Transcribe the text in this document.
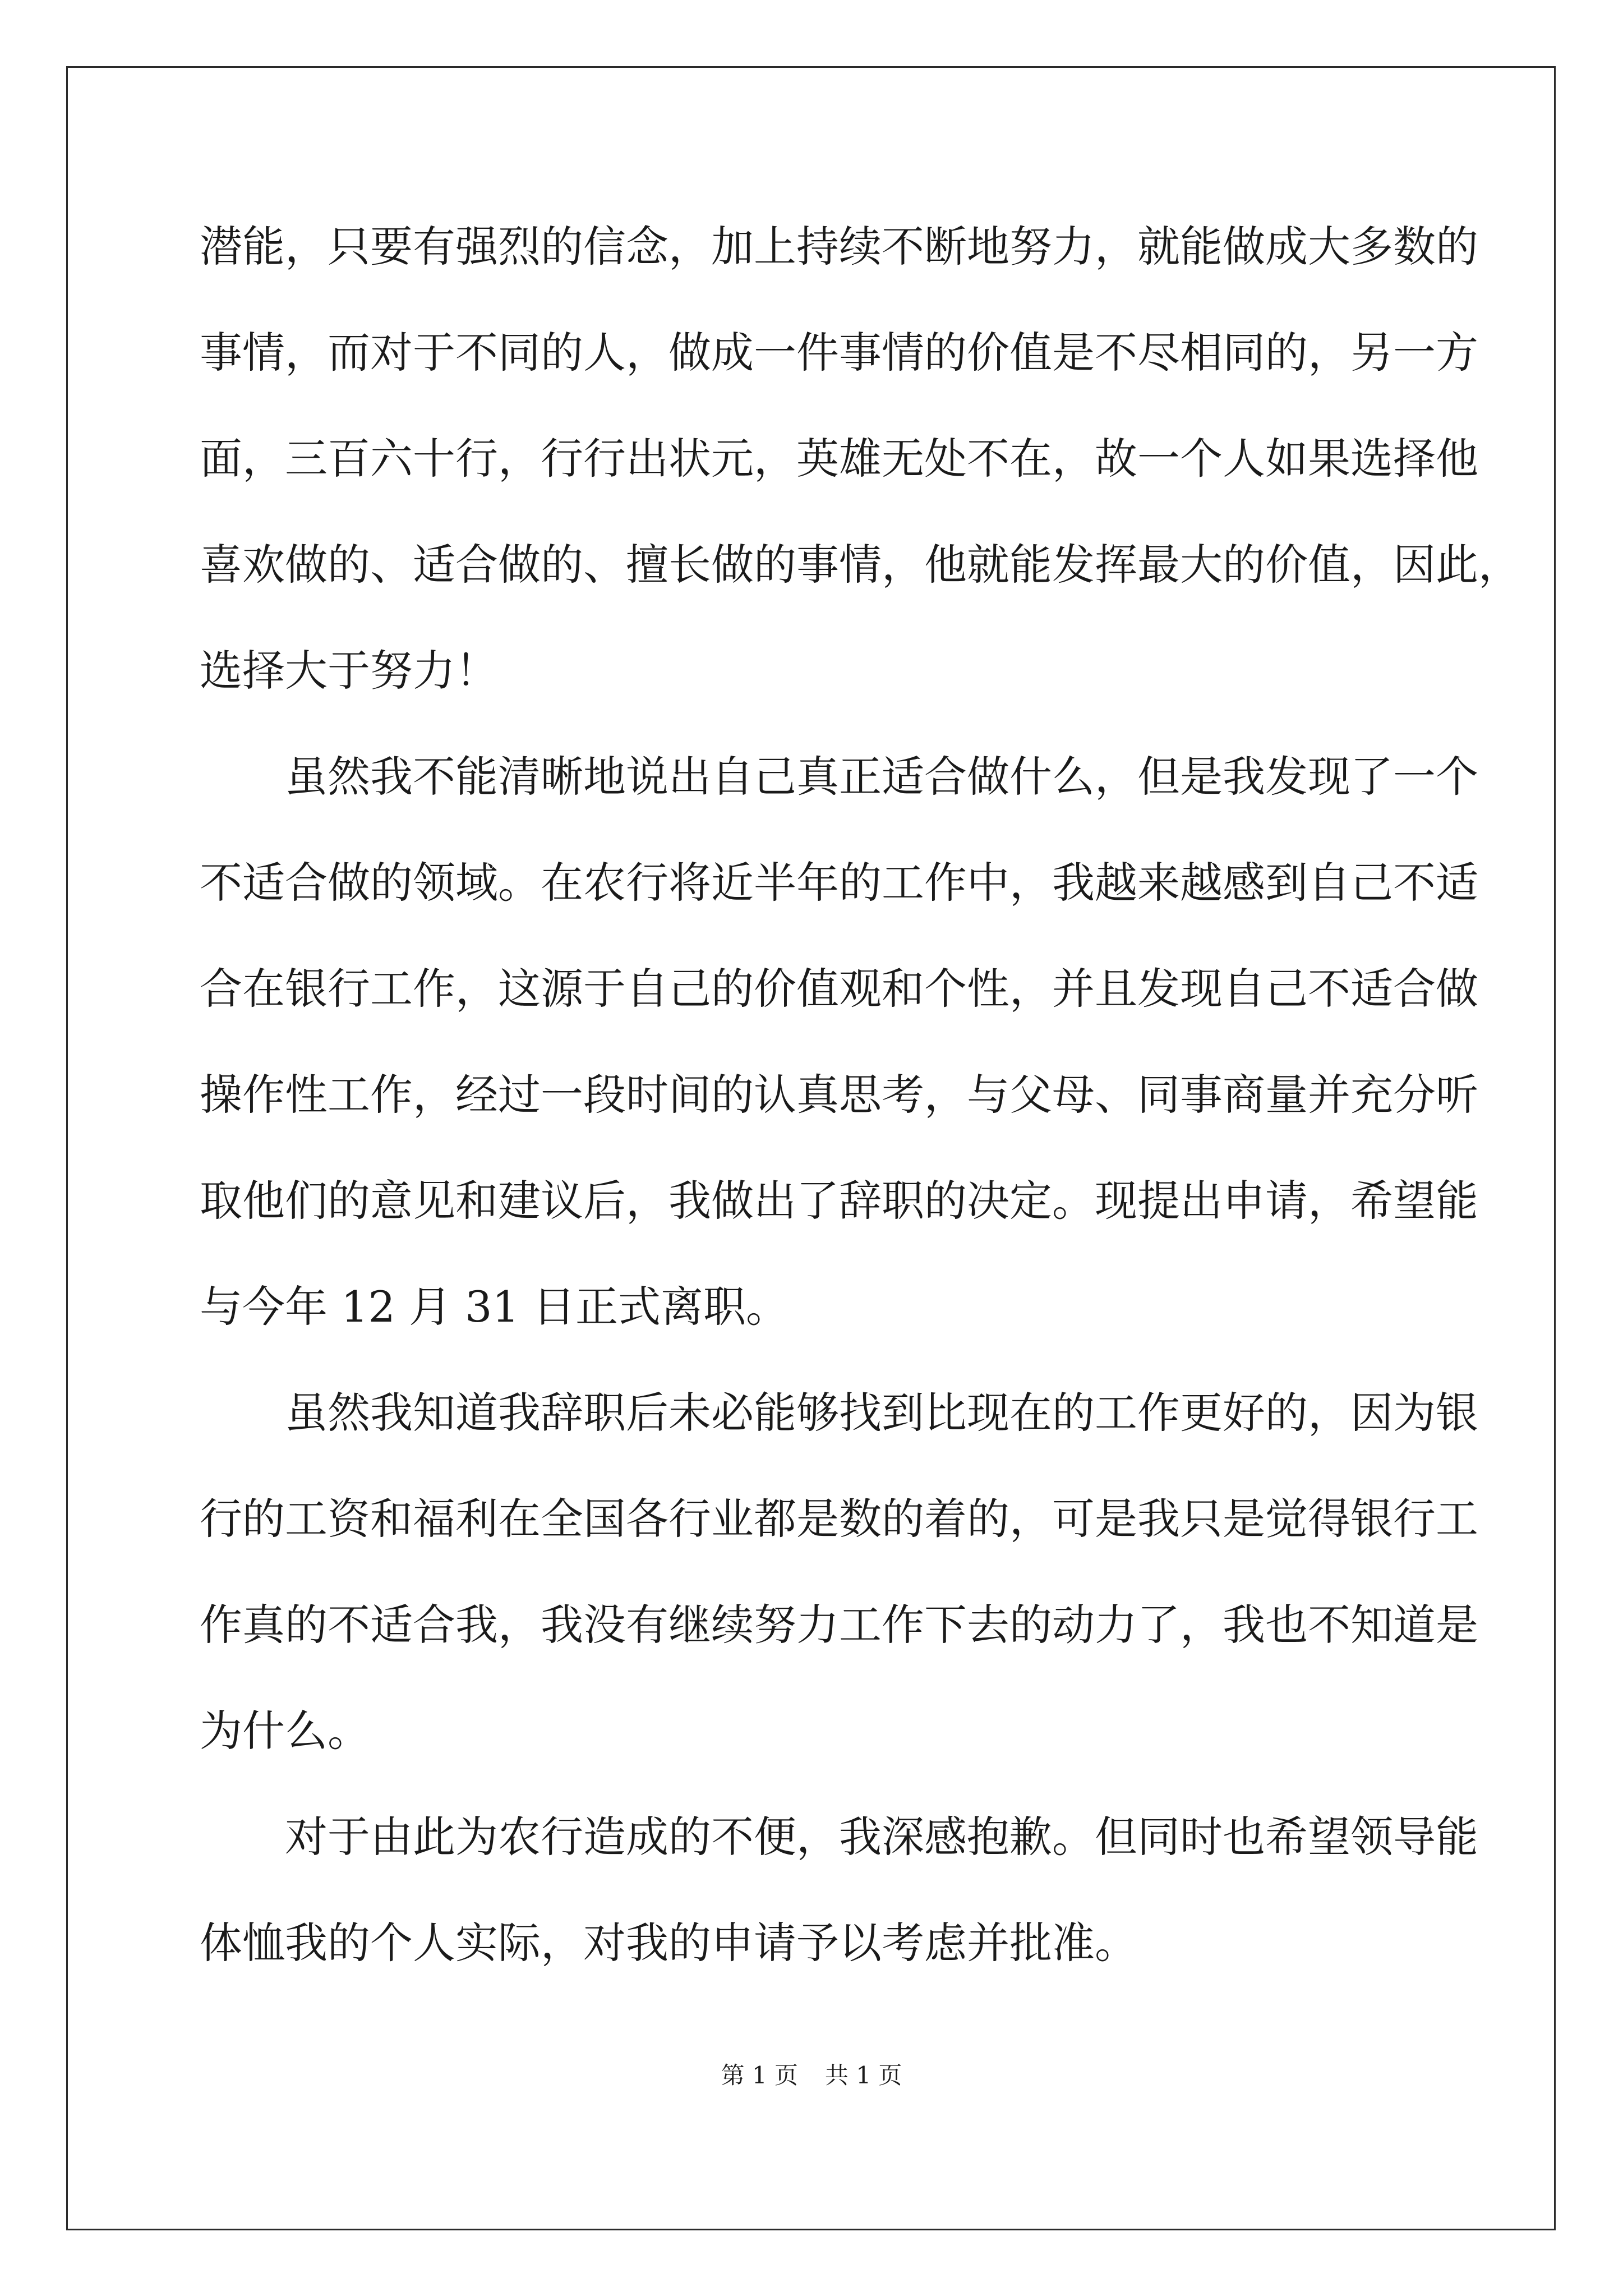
潜能，只要有强烈的信念，加上持续不断地努力，就能做成大多数的
事情，而对于不同的人，做成一件事情的价值是不尽相同的，另一方
面，三百六十行，行行出状元，英雄无处不在，故一个人如果选择他
喜欢做的、适合做的、擅长做的事情，他就能发挥最大的价值，因此，
选择大于努力！
虽然我不能清晰地说出自己真正适合做什么，但是我发现了一个
不适合做的领域。在农行将近半年的工作中，我越来越感到自己不适
合在银行工作，这源于自己的价值观和个性，并且发现自己不适合做
操作性工作，经过一段时间的认真思考，与父母、同事商量并充分听
取他们的意见和建议后，我做出了辞职的决定。现提出申请，希望能
与今年 12 月 31 日正式离职。
虽然我知道我辞职后未必能够找到比现在的工作更好的，因为银
行的工资和福利在全国各行业都是数的着的，可是我只是觉得银行工
作真的不适合我，我没有继续努力工作下去的动力了，我也不知道是
为什么。
对于由此为农行造成的不便，我深感抱歉。但同时也希望领导能
体恤我的个人实际，对我的申请予以考虑并批准。
第 1 页 共 1 页
